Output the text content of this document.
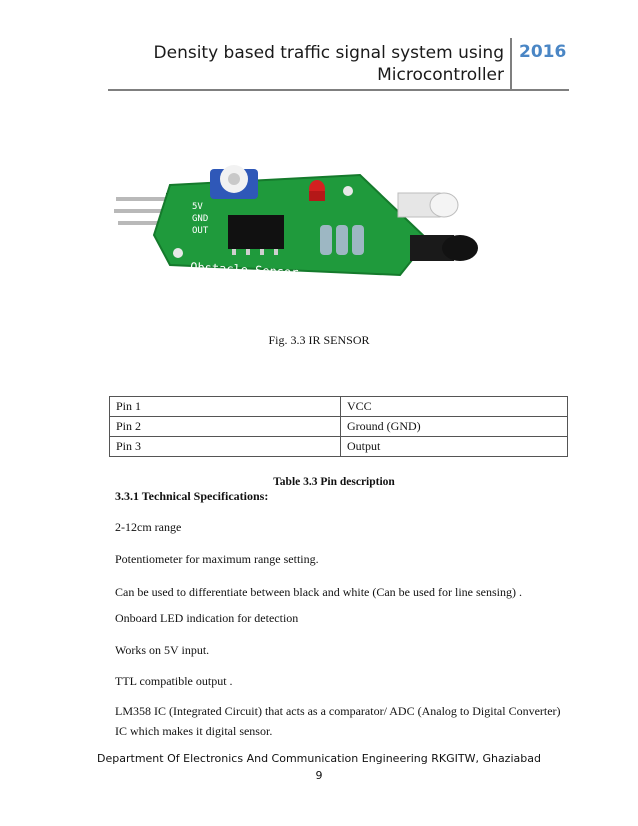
Density based traffic signal system using
Microcontroller
2016
5V
GND
OUT
Obstacle Sensor
Fig. 3.3 IR SENSOR
Pin 1	VCC
Pin 2	Ground (GND)
Pin 3	Output
Table 3.3 Pin description
3.3.1 Technical Specifications:

2-12cm range

Potentiometer for maximum range setting.

Can be used to differentiate between black and white (Can be used for line sensing) .

Onboard LED indication for detection

Works on 5V input.

TTL compatible output .

LM358 IC (Integrated Circuit) that acts as a comparator/ ADC (Analog to Digital Converter) IC which makes it digital sensor.

Department Of Electronics And Communication Engineering RKGITW, Ghaziabad
9
